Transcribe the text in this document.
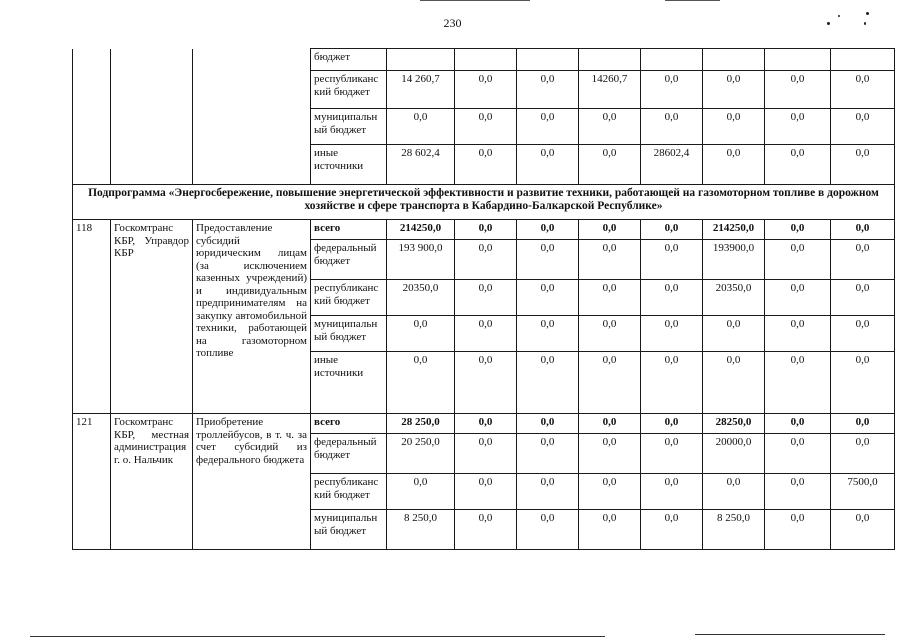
230
			бюджет								
			республиканс кий бюджет	14 260,7	0,0	0,0	14260,7	0,0	0,0	0,0	0,0
			муниципальн ый бюджет	0,0	0,0	0,0	0,0	0,0	0,0	0,0	0,0
			иные источники	28 602,4	0,0	0,0	0,0	28602,4	0,0	0,0	0,0
Подпрограмма «Энергосбережение, повышение энергетической эффективности и развитие техники, работающей на газомоторном топливе в дорожном хозяйстве и сфере транспорта в Кабардино-Балкарской Республике»											
118	Госкомтранс КБР, Управдор КБР	Предоставление субсидий юридическим лицам (за исключением казенных учреждений) и индивидуальным предпринимателям на закупку автомобильной техники, работающей на газомоторном топливе	всего	214250,0	0,0	0,0	0,0	0,0	214250,0	0,0	0,0
			федеральный бюджет	193 900,0	0,0	0,0	0,0	0,0	193900,0	0,0	0,0
			республиканс кий бюджет	20350,0	0,0	0,0	0,0	0,0	20350,0	0,0	0,0
			муниципальн ый бюджет	0,0	0,0	0,0	0,0	0,0	0,0	0,0	0,0
			иные источники	0,0	0,0	0,0	0,0	0,0	0,0	0,0	0,0
121	Госкомтранс КБР, местная администрация г. о. Нальчик	Приобретение троллейбусов, в т. ч. за счет субсидий из федерального бюджета	всего	28 250,0	0,0	0,0	0,0	0,0	28250,0	0,0	0,0
			федеральный бюджет	20 250,0	0,0	0,0	0,0	0,0	20000,0	0,0	0,0
			республиканс кий бюджет	0,0	0,0	0,0	0,0	0,0	0,0	0,0	7500,0
			муниципальн ый бюджет	8 250,0	0,0	0,0	0,0	0,0	8 250,0	0,0	0,0
